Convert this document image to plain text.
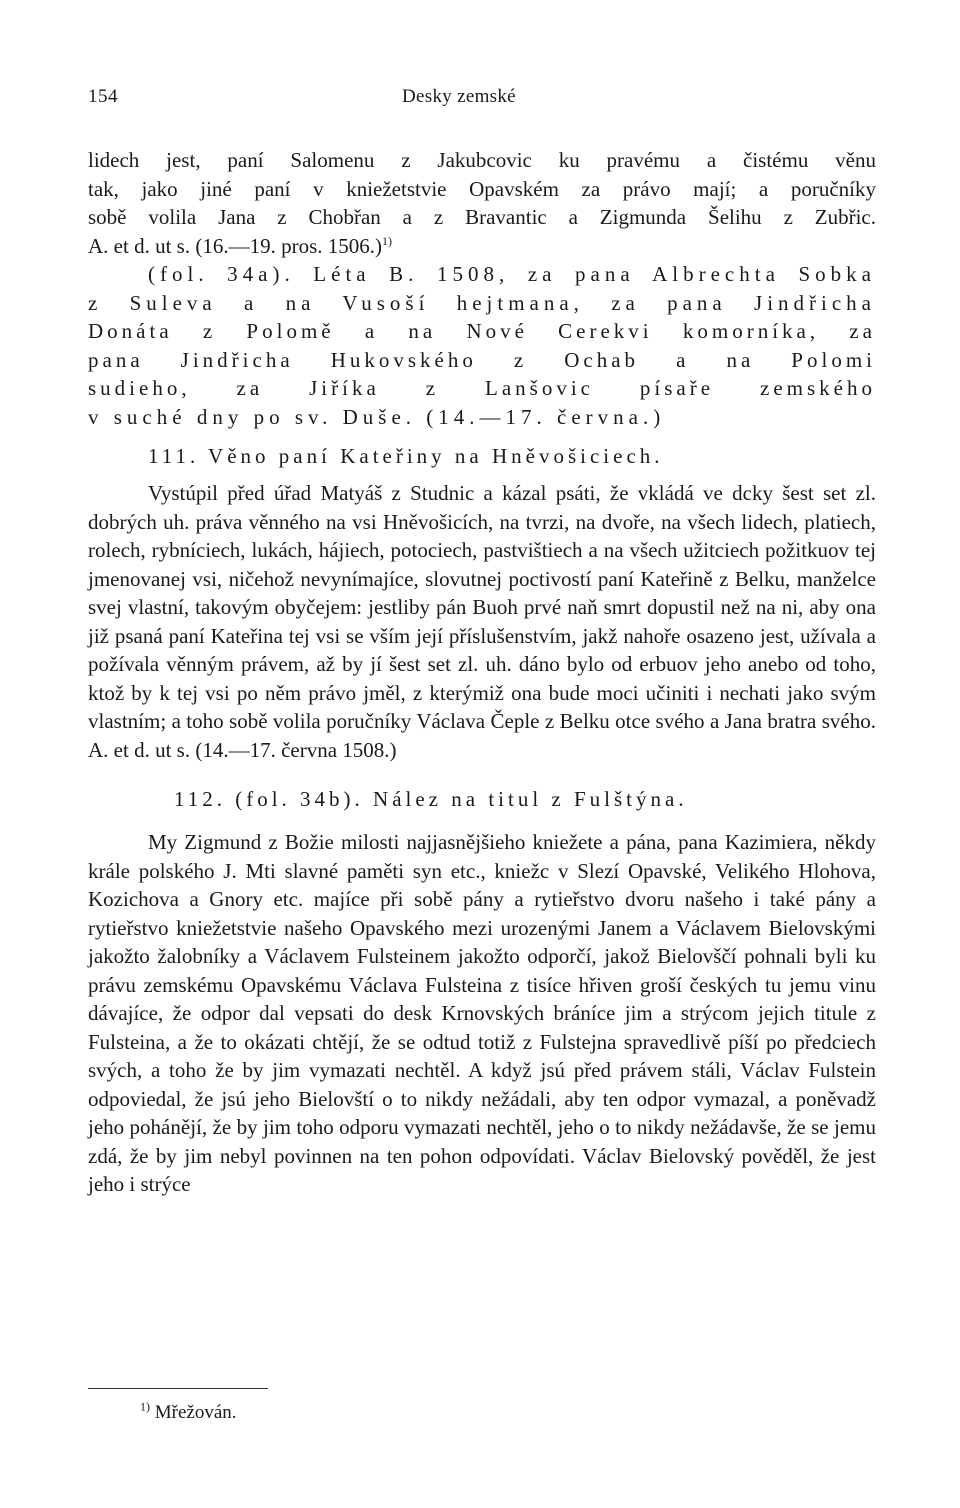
154	Desky zemské
lidech jest, paní Salomenu z Jakubcovic ku pravému a čistému věnu
tak, jako jiné paní v kniežetstvie Opavském za právo mají; a poručníky
sobě volila Jana z Chobřan a z Bravantic a Zigmunda Šelihu z Zubřic.
A. et d. ut s. (16.—19. pros. 1506.)$^{1)}$
(fol. 34a). Léta B. 1508, za pana Albrechta Sobka
z Suleva a na Vusoší hejtmana, za pana Jindřicha
Donáta z Polomě a na Nové Cerekvi komorníka, za
pana Jindřicha Hukovského z Ochab a na Polomi
sudieho, za Jiříka z Lanšovic písaře zemského
v suché dny po sv. Duše. (14.—17. června.)
111. Věno paní Kateřiny na Hněvošiciech.

Vystúpil před úřad Matyáš z Studnic a kázal psáti, že vkládá ve dcky šest set zl. dobrých uh. práva věnného na vsi Hněvošicích, na tvrzi, na dvoře, na všech lidech, platiech, rolech, rybníciech, lukách, hájiech, potociech, pastvištiech a na všech užitciech požitkuov tej jmenovanej vsi, ničehož nevynímajíce, slovutnej poctivostí paní Kateřině z Belku, manželce svej vlastní, takovým obyčejem: jestliby pán Buoh prvé naň smrt dopustil než na ni, aby ona již psaná paní Kateřina tej vsi se vším její příslušenstvím, jakž nahoře osazeno jest, užívala a požívala věnným právem, až by jí šest set zl. uh. dáno bylo od erbuov jeho anebo od toho, ktož by k tej vsi po něm právo jměl, z kterýmiž ona bude moci učiniti i nechati jako svým vlastním; a toho sobě volila poručníky Václava Čeple z Belku otce svého a Jana bratra svého. A. et d. ut s. (14.—17. června 1508.)

112. (fol. 34b). Nález na titul z Fulštýna.

My Zigmund z Božie milosti najjasnějšieho kniežete a pána, pana Kazimiera, někdy krále polského J. Mti slavné paměti syn etc., kniežc v Slezí Opavské, Velikého Hlohova, Kozichova a Gnory etc. majíce při sobě pány a rytieřstvo dvoru našeho i také pány a rytieřstvo kniežetstvie našeho Opavského mezi urozenými Janem a Václavem Bielovskými jakožto žalobníky a Václavem Fulsteinem jakožto odporčí, jakož Bielovščí pohnali byli ku právu zemskému Opavskému Václava Fulsteina z tisíce hřiven groší českých tu jemu vinu dávajíce, že odpor dal vepsati do desk Krnovských bráníce jim a strýcom jejich titule z Fulsteina, a že to okázati chtějí, že se odtud totiž z Fulstejna spravedlivě píší po předciech svých, a toho že by jim vymazati nechtěl. A když jsú před právem stáli, Václav Fulstein odpoviedal, že jsú jeho Bielovští o to nikdy nežádali, aby ten odpor vymazal, a poněvadž jeho pohánějí, že by jim toho odporu vymazati nechtěl, jeho o to nikdy nežádavše, že se jemu zdá, že by jim nebyl povinnen na ten pohon odpovídati. Václav Bielovský pověděl, že jest jeho i strýce

$^{1)}$ Mřežován.
